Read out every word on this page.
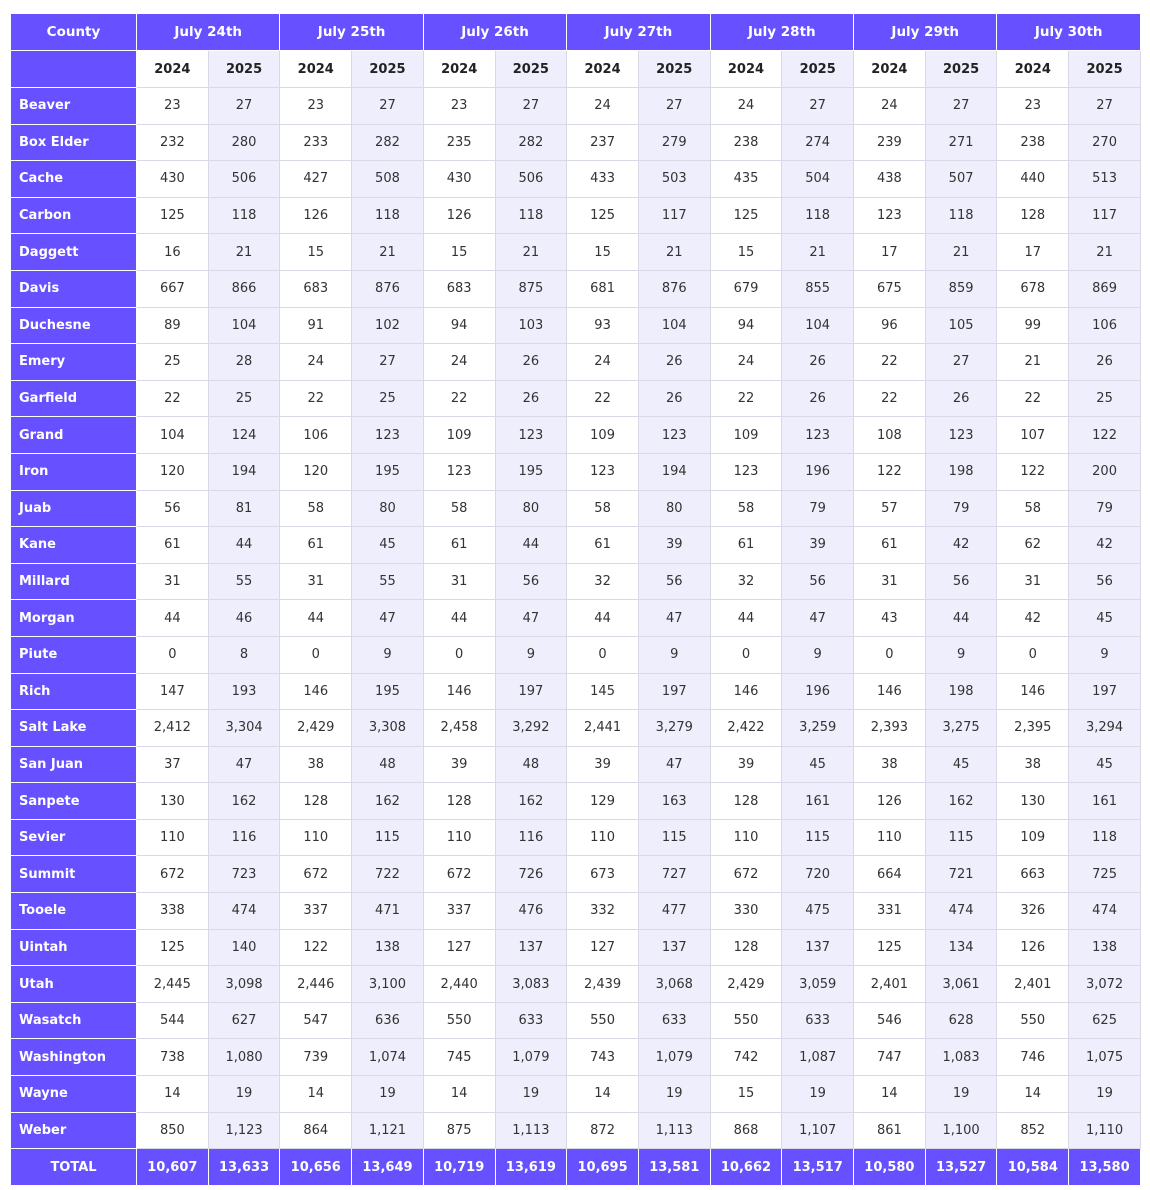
County	July 24th		July 25th		July 26th		July 27th		July 28th		July 29th		July 30th	
	2024	2025	2024	2025	2024	2025	2024	2025	2024	2025	2024	2025	2024	2025
Beaver	23	27	23	27	23	27	24	27	24	27	24	27	23	27
Box Elder	232	280	233	282	235	282	237	279	238	274	239	271	238	270
Cache	430	506	427	508	430	506	433	503	435	504	438	507	440	513
Carbon	125	118	126	118	126	118	125	117	125	118	123	118	128	117
Daggett	16	21	15	21	15	21	15	21	15	21	17	21	17	21
Davis	667	866	683	876	683	875	681	876	679	855	675	859	678	869
Duchesne	89	104	91	102	94	103	93	104	94	104	96	105	99	106
Emery	25	28	24	27	24	26	24	26	24	26	22	27	21	26
Garfield	22	25	22	25	22	26	22	26	22	26	22	26	22	25
Grand	104	124	106	123	109	123	109	123	109	123	108	123	107	122
Iron	120	194	120	195	123	195	123	194	123	196	122	198	122	200
Juab	56	81	58	80	58	80	58	80	58	79	57	79	58	79
Kane	61	44	61	45	61	44	61	39	61	39	61	42	62	42
Millard	31	55	31	55	31	56	32	56	32	56	31	56	31	56
Morgan	44	46	44	47	44	47	44	47	44	47	43	44	42	45
Piute	0	8	0	9	0	9	0	9	0	9	0	9	0	9
Rich	147	193	146	195	146	197	145	197	146	196	146	198	146	197
Salt Lake	2,412	3,304	2,429	3,308	2,458	3,292	2,441	3,279	2,422	3,259	2,393	3,275	2,395	3,294
San Juan	37	47	38	48	39	48	39	47	39	45	38	45	38	45
Sanpete	130	162	128	162	128	162	129	163	128	161	126	162	130	161
Sevier	110	116	110	115	110	116	110	115	110	115	110	115	109	118
Summit	672	723	672	722	672	726	673	727	672	720	664	721	663	725
Tooele	338	474	337	471	337	476	332	477	330	475	331	474	326	474
Uintah	125	140	122	138	127	137	127	137	128	137	125	134	126	138
Utah	2,445	3,098	2,446	3,100	2,440	3,083	2,439	3,068	2,429	3,059	2,401	3,061	2,401	3,072
Wasatch	544	627	547	636	550	633	550	633	550	633	546	628	550	625
Washington	738	1,080	739	1,074	745	1,079	743	1,079	742	1,087	747	1,083	746	1,075
Wayne	14	19	14	19	14	19	14	19	15	19	14	19	14	19
Weber	850	1,123	864	1,121	875	1,113	872	1,113	868	1,107	861	1,100	852	1,110
TOTAL	10,607	13,633	10,656	13,649	10,719	13,619	10,695	13,581	10,662	13,517	10,580	13,527	10,584	13,580
